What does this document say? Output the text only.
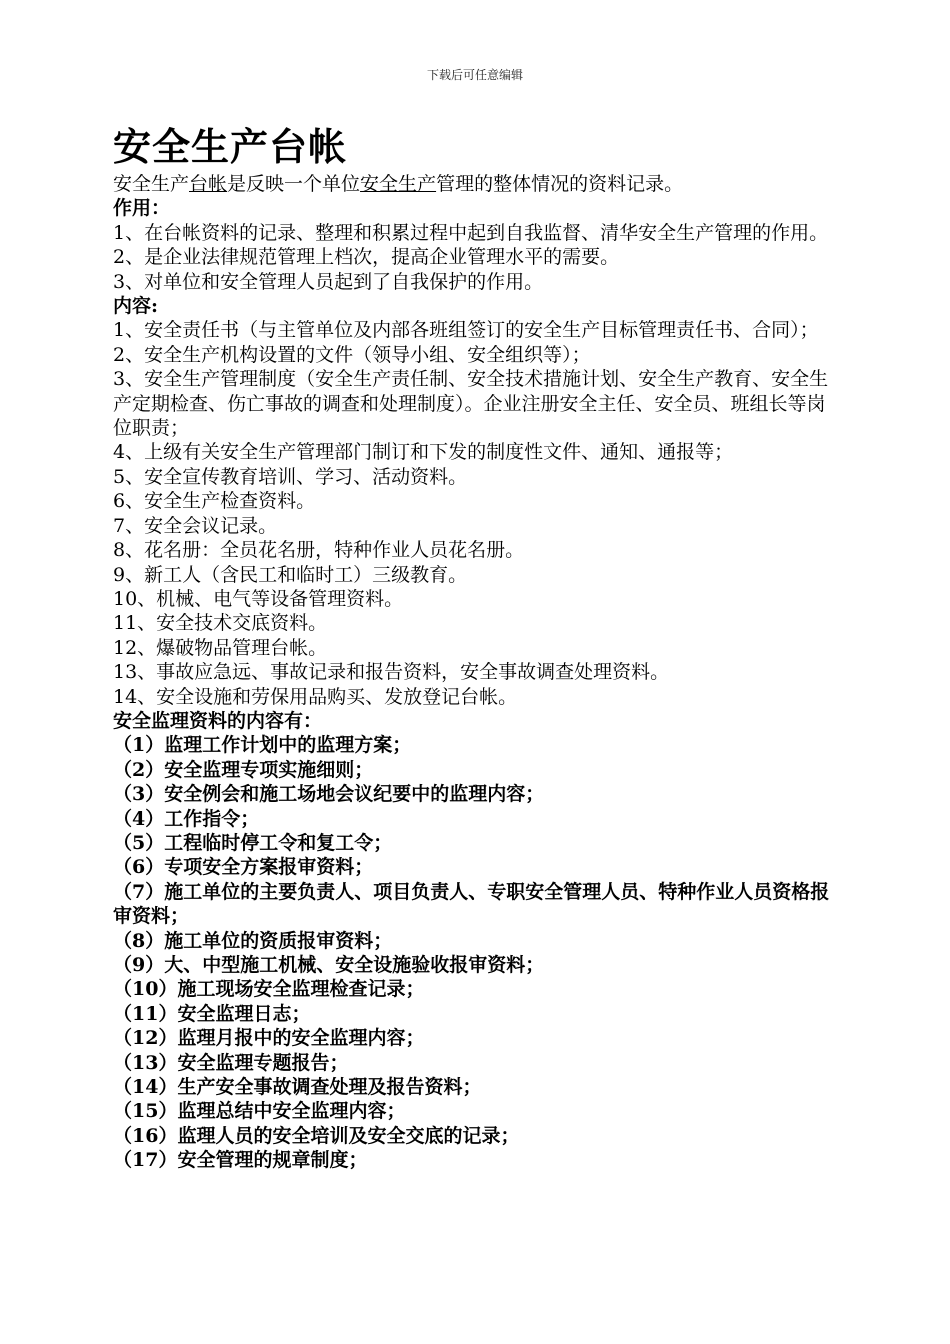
下载后可任意编辑
安全生产台帐

安全生产台帐是反映一个单位安全生产管理的整体情况的资料记录。

作用：

1、在台帐资料的记录、整理和积累过程中起到自我监督、清华安全生产管理的作用。

2、是企业法律规范管理上档次，提高企业管理水平的需要。

3、对单位和安全管理人员起到了自我保护的作用。

内容:

1、安全责任书（与主管单位及内部各班组签订的安全生产目标管理责任书、合同）；

2、安全生产机构设置的文件（领导小组、安全组织等）；

3、安全生产管理制度（安全生产责任制、安全技术措施计划、安全生产教育、安全生产定期检查、伤亡事故的调查和处理制度）。企业注册安全主任、安全员、班组长等岗位职责；

4、上级有关安全生产管理部门制订和下发的制度性文件、通知、通报等；

5、安全宣传教育培训、学习、活动资料。

6、安全生产检查资料。

7、安全会议记录。

8、花名册：全员花名册，特种作业人员花名册。

9、新工人（含民工和临时工）三级教育。

10、机械、电气等设备管理资料。

11、安全技术交底资料。

12、爆破物品管理台帐。

13、事故应急远、事故记录和报告资料，安全事故调查处理资料。

14、安全设施和劳保用品购买、发放登记台帐。

安全监理资料的内容有：

（1）监理工作计划中的监理方案；

（2）安全监理专项实施细则；

（3）安全例会和施工场地会议纪要中的监理内容；

（4）工作指令；

（5）工程临时停工令和复工令；

（6）专项安全方案报审资料；

（7）施工单位的主要负责人、项目负责人、专职安全管理人员、特种作业人员资格报审资料；

（8）施工单位的资质报审资料；

（9）大、中型施工机械、安全设施验收报审资料；

（10）施工现场安全监理检查记录；

（11）安全监理日志；

（12）监理月报中的安全监理内容；

（13）安全监理专题报告；

（14）生产安全事故调查处理及报告资料；

（15）监理总结中安全监理内容；

（16）监理人员的安全培训及安全交底的记录；

（17）安全管理的规章制度；
